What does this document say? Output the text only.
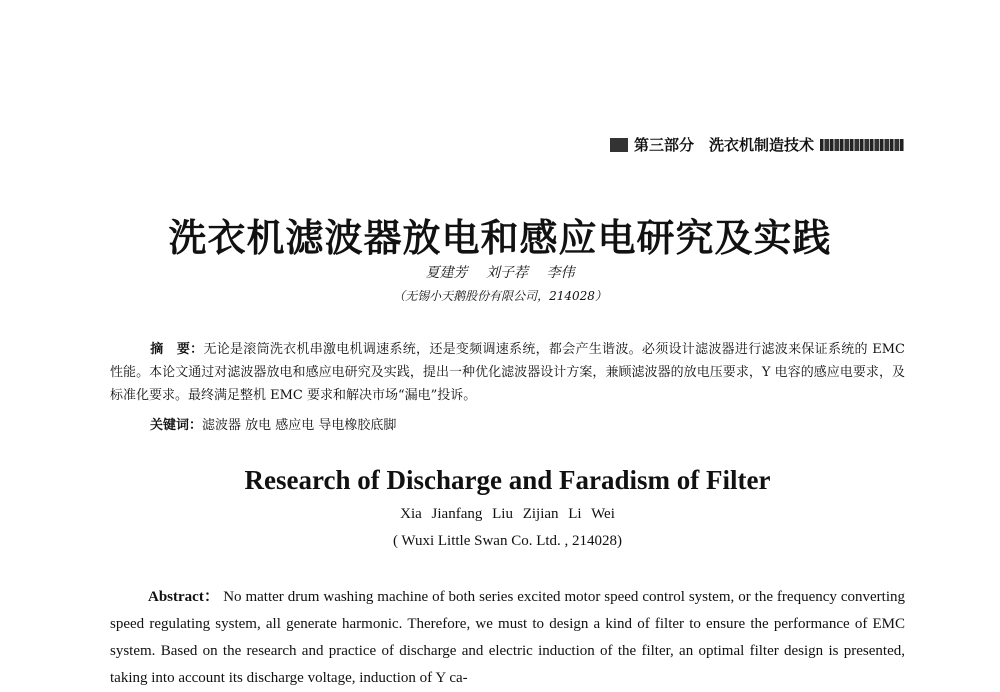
第三部分　洗衣机制造技术
洗衣机滤波器放电和感应电研究及实践
夏建芳 刘子荐 李伟
（无锡小天鹅股份有限公司，214028）
摘　要：无论是滚筒洗衣机串激电机调速系统，还是变频调速系统，都会产生谐波。必须设计滤波器进行滤波来保证系统的 EMC 性能。本论文通过对滤波器放电和感应电研究及实践，提出一种优化滤波器设计方案，兼顾滤波器的放电压要求，Y 电容的感应电要求，及标准化要求。最终满足整机 EMC 要求和解决市场“漏电”投诉。
关键词：滤波器 放电 感应电 导电橡胶底脚
Research of Discharge and Faradism of Filter
Xia Jianfang Liu Zijian Li Wei
( Wuxi Little Swan Co. Ltd. , 214028)
Abstract： No matter drum washing machine of both series excited motor speed control system, or the frequency converting speed regulating system, all generate harmonic. Therefore, we must to design a kind of filter to ensure the performance of EMC system. Based on the research and practice of discharge and electric induction of the filter, an optimal filter design is presented, taking into account its discharge voltage, induction of Y ca-
